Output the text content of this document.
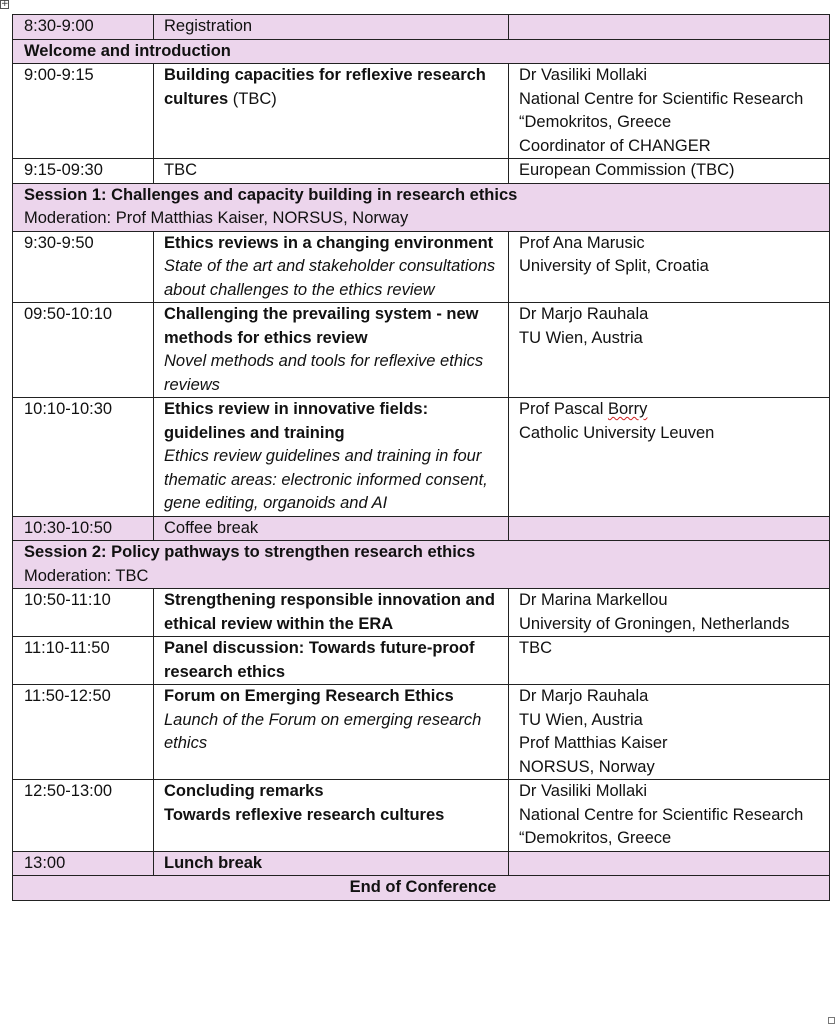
+
8:30-9:00	Registration	
Welcome and introduction		
9:00-9:15	Building capacities for reflexive research cultures (TBC)	Dr Vasiliki Mollaki
National Centre for Scientific Research “Demokritos, Greece
Coordinator of CHANGER

9:15-09:30	TBC	European Commission (TBC)

Session 1: Challenges and capacity building in research ethics
Moderation: Prof Matthias Kaiser, NORSUS, Norway		

9:30-9:50	Ethics reviews in a changing environment
State of the art and stakeholder consultations about challenges to the ethics review	Prof Ana Marusic
University of Split, Croatia

09:50-10:10	Challenging the prevailing system - new methods for ethics review
Novel methods and tools for reflexive ethics reviews	Dr Marjo Rauhala
TU Wien, Austria

10:10-10:30	Ethics review in innovative fields: guidelines and training
Ethics review guidelines and training in four thematic areas: electronic informed consent, gene editing, organoids and AI	Prof Pascal Borry
Catholic University Leuven

10:30-10:50	Coffee break	

Session 2: Policy pathways to strengthen research ethics
Moderation: TBC		

10:50-11:10	Strengthening responsible innovation and ethical review within the ERA	Dr Marina Markellou
University of Groningen, Netherlands

11:10-11:50	Panel discussion: Towards future-proof research ethics	TBC
11:50-12:50	Forum on Emerging Research Ethics
Launch of the Forum on emerging research ethics	Dr Marjo Rauhala
TU Wien, Austria
Prof Matthias Kaiser
NORSUS, Norway

12:50-13:00	Concluding remarks
Towards reflexive research cultures	Dr Vasiliki Mollaki
National Centre for Scientific Research “Demokritos, Greece

13:00	Lunch break	
End of Conference		
